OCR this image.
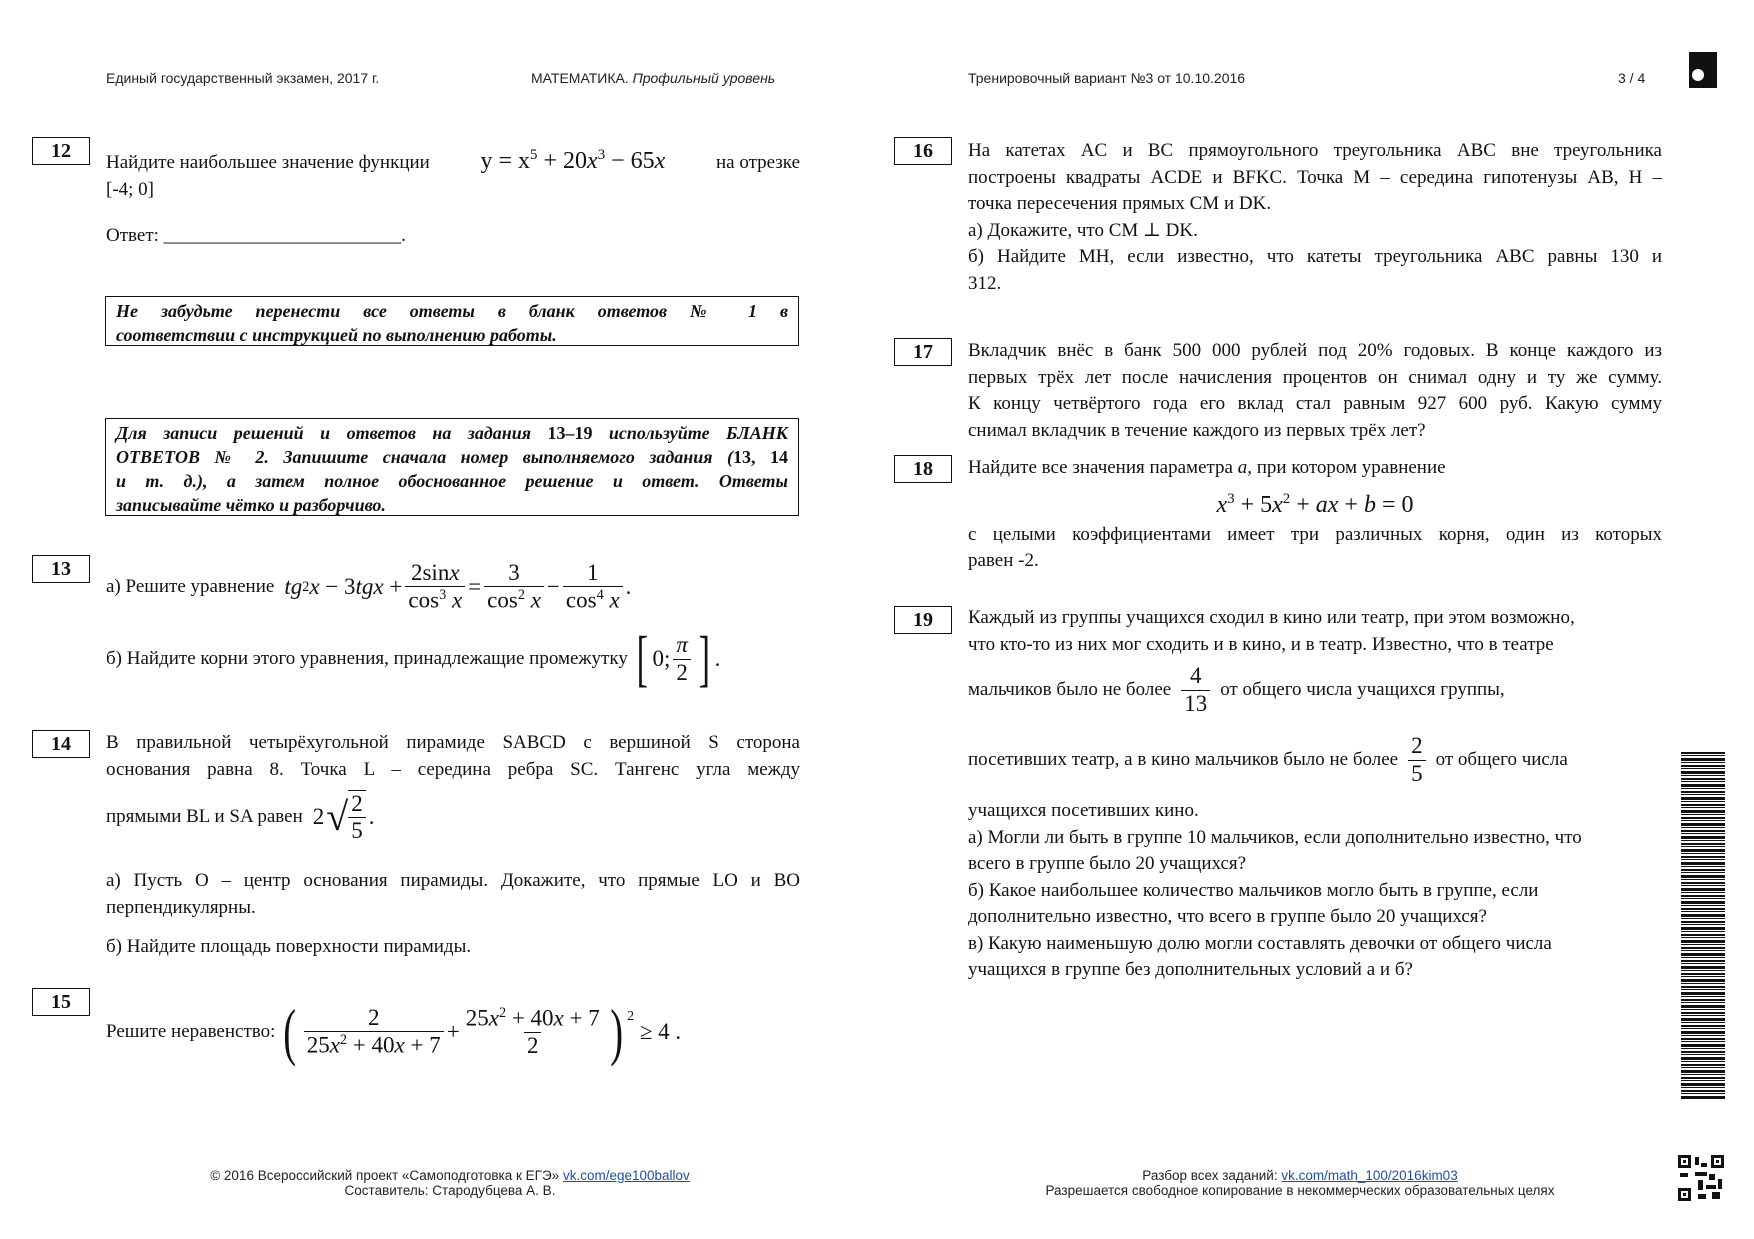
Единый государственный экзамен, 2017 г.	МАТЕМАТИКА. Профильный уровень	Тренировочный вариант №3 от 10.10.2016	3 / 4
12
Найдите наибольшее значение функции $y = x^5 + 20x^3 - 65x$	на отрезке
[-4; 0]
Ответ: _________________________.
Не забудьте перенести все ответы в бланк ответов № 1 в
соответствии с инструкцией по выполнению работы.
Для записи решений и ответов на задания 13–19 используйте БЛАНК
ОТВЕТОВ № 2. Запишите сначала номер выполняемого задания (13, 14
и т. д.), а затем полное обоснованное решение и ответ. Ответы
записывайте чётко и разборчиво.
13
а) Решите уравнение tg 2 x − 3 tgx + $\frac{2\sin x}{\cos^3 x} = \frac{3}{\cos^2 x} - \frac{1}{\cos^4 x}$ .
б) Найдите корни этого уравнения, принадлежащие промежутку [ 0; $\frac{\pi}{2}$ ] .
14	В правильной четырёхугольной пирамиде SABCD с вершиной S сторона
основания равна 8. Точка L – середина ребра SC. Тангенс угла между
прямыми BL и SA равен 2 √ $\frac{2}{5}$ .
а) Пусть O – центр основания пирамиды. Докажите, что прямые LO и BO
перпендикулярны.
б) Найдите площадь поверхности пирамиды.
15
Решите неравенство: ( $\frac{2}{25x^2 + 40x + 7} + \frac{25x^2 + 40x + 7}{2}$ ) 2
≥ 4 .
16	На катетах AC и BC прямоугольного треугольника ABC вне треугольника
построены квадраты ACDE и BFKC. Точка M – середина гипотенузы AB, H –
точка пересечения прямых CM и DK.
а) Докажите, что CM ⊥ DK.
б) Найдите MH, если известно, что катеты треугольника ABC равны 130 и
312.
17	Вкладчик внёс в банк 500 000 рублей под 20% годовых. В конце каждого из
первых трёх лет после начисления процентов он снимал одну и ту же сумму.
К концу четвёртого года его вклад стал равным 927 600 руб. Какую сумму
снимал вкладчик в течение каждого из первых трёх лет?
18	Найдите все значения параметра a, при котором уравнение
$x^3 + 5x^2$ + ax + b = 0
с целыми коэффициентами имеет три различных корня, один из которых
равен -2.
19	Каждый из группы учащихся сходил в кино или театр, при этом возможно,
что кто-то из них мог сходить и в кино, и в театр. Известно, что в театре
мальчиков было не более $\frac{4}{13}$ от общего числа учащихся группы,
посетивших театр, а в кино мальчиков было не более $\frac{2}{5}$ от общего числа
учащихся посетивших кино.
а) Могли ли быть в группе 10 мальчиков, если дополнительно известно, что
всего в группе было 20 учащихся?
б) Какое наибольшее количество мальчиков могло быть в группе, если
дополнительно известно, что всего в группе было 20 учащихся?
в) Какую наименьшую долю могли составлять девочки от общего числа
учащихся в группе без дополнительных условий а и б?
© 2016 Всероссийский проект «Самоподготовка к ЕГЭ» vk.com/ege100ballov
Составитель: Стародубцева А. В.
Разбор всех заданий: vk.com/math_100/2016kim03
Разрешается свободное копирование в некоммерческих образовательных целях
